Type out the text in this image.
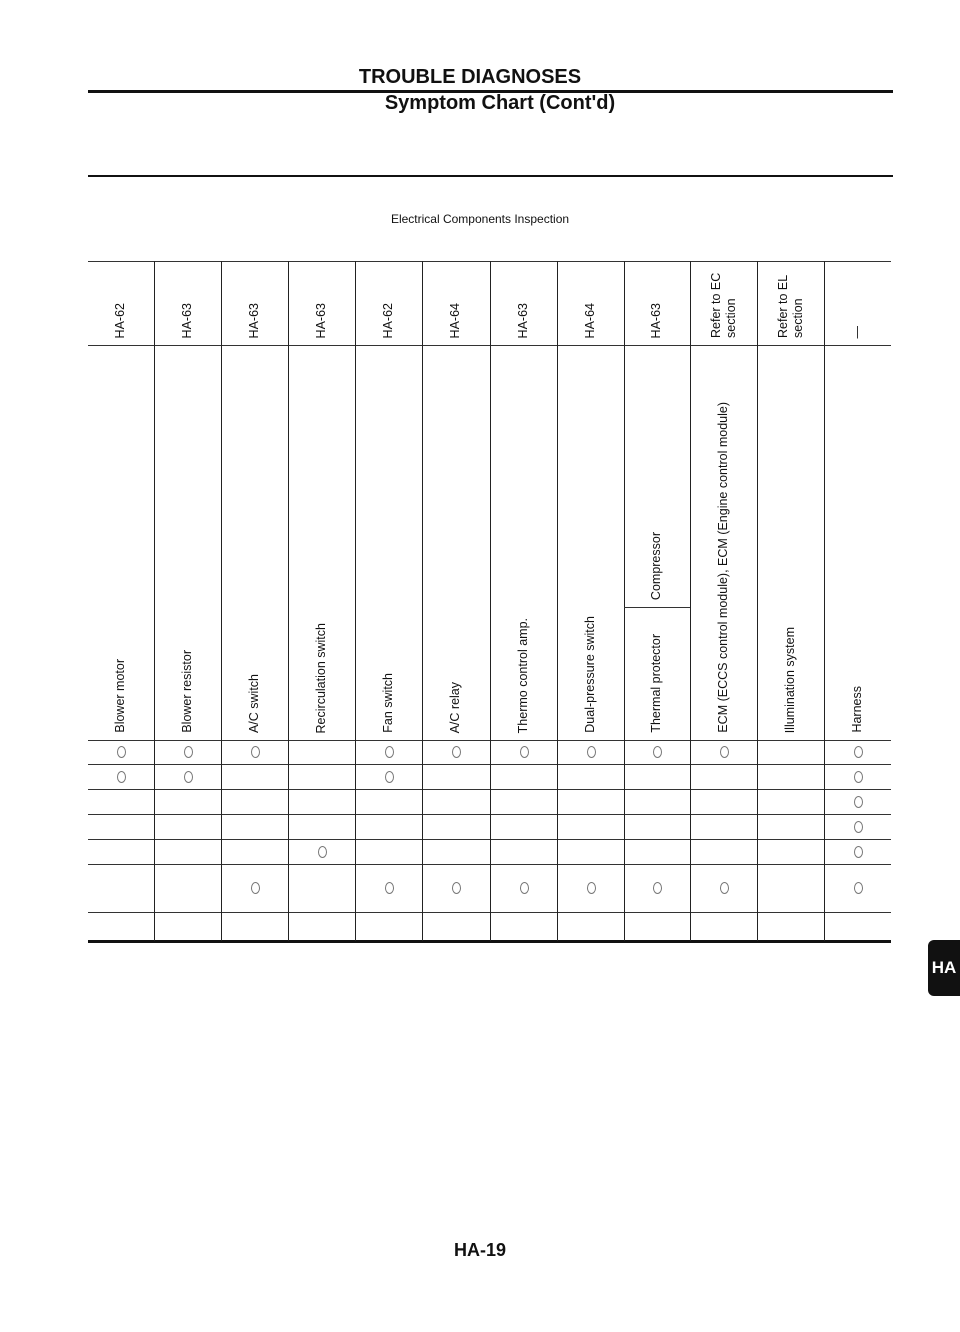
TROUBLE DIAGNOSES
Symptom Chart (Cont'd)
Electrical Components Inspection
HA-62
Blower motor
HA-63
Blower resistor
HA-63
A/C switch
HA-63
Recirculation switch
HA-62
Fan switch
HA-64
A/C relay
HA-63
Thermo control amp.
HA-64
Dual-pressure switch
HA-63
Thermal protector
Compressor
Refer to EC section
ECM (ECCS control module), ECM (Engine control module)
Refer to EL section
Illumination system
—
Harness
HA
HA-19
